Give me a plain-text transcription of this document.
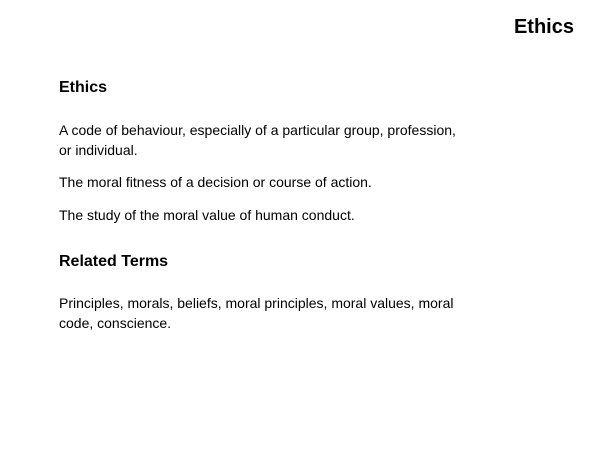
Ethics
Ethics

A code of behaviour, especially of a particular group, profession, or individual.

The moral fitness of a decision or course of action.

The study of the moral value of human conduct.

Related Terms

Principles, morals, beliefs, moral principles, moral values, moral code, conscience.
